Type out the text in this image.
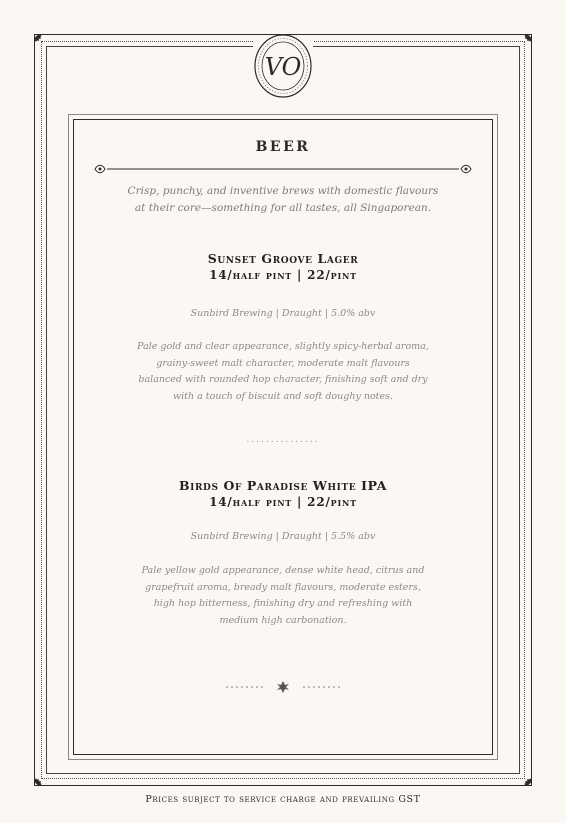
VO
BEER
Crisp, punchy, and inventive brews with domestic flavours at their core—something for all tastes, all Singaporean.
Sunset Groove Lager
14/half pint | 22/pint
Sunbird Brewing | Draught | 5.0% abv
Pale gold and clear appearance, slightly spicy-herbal aroma, grainy-sweet malt character, moderate malt flavours balanced with rounded hop character, finishing soft and dry with a touch of biscuit and soft doughy notes.
...............
Birds Of Paradise White IPA
14/half pint | 22/pint
Sunbird Brewing | Draught | 5.5% abv
Pale yellow gold appearance, dense white head, citrus and grapefruit aroma, bready malt flavours, moderate esters, high hop bitterness, finishing dry and refreshing with medium high carbonation.
Prices subject to service charge and prevailing GST
